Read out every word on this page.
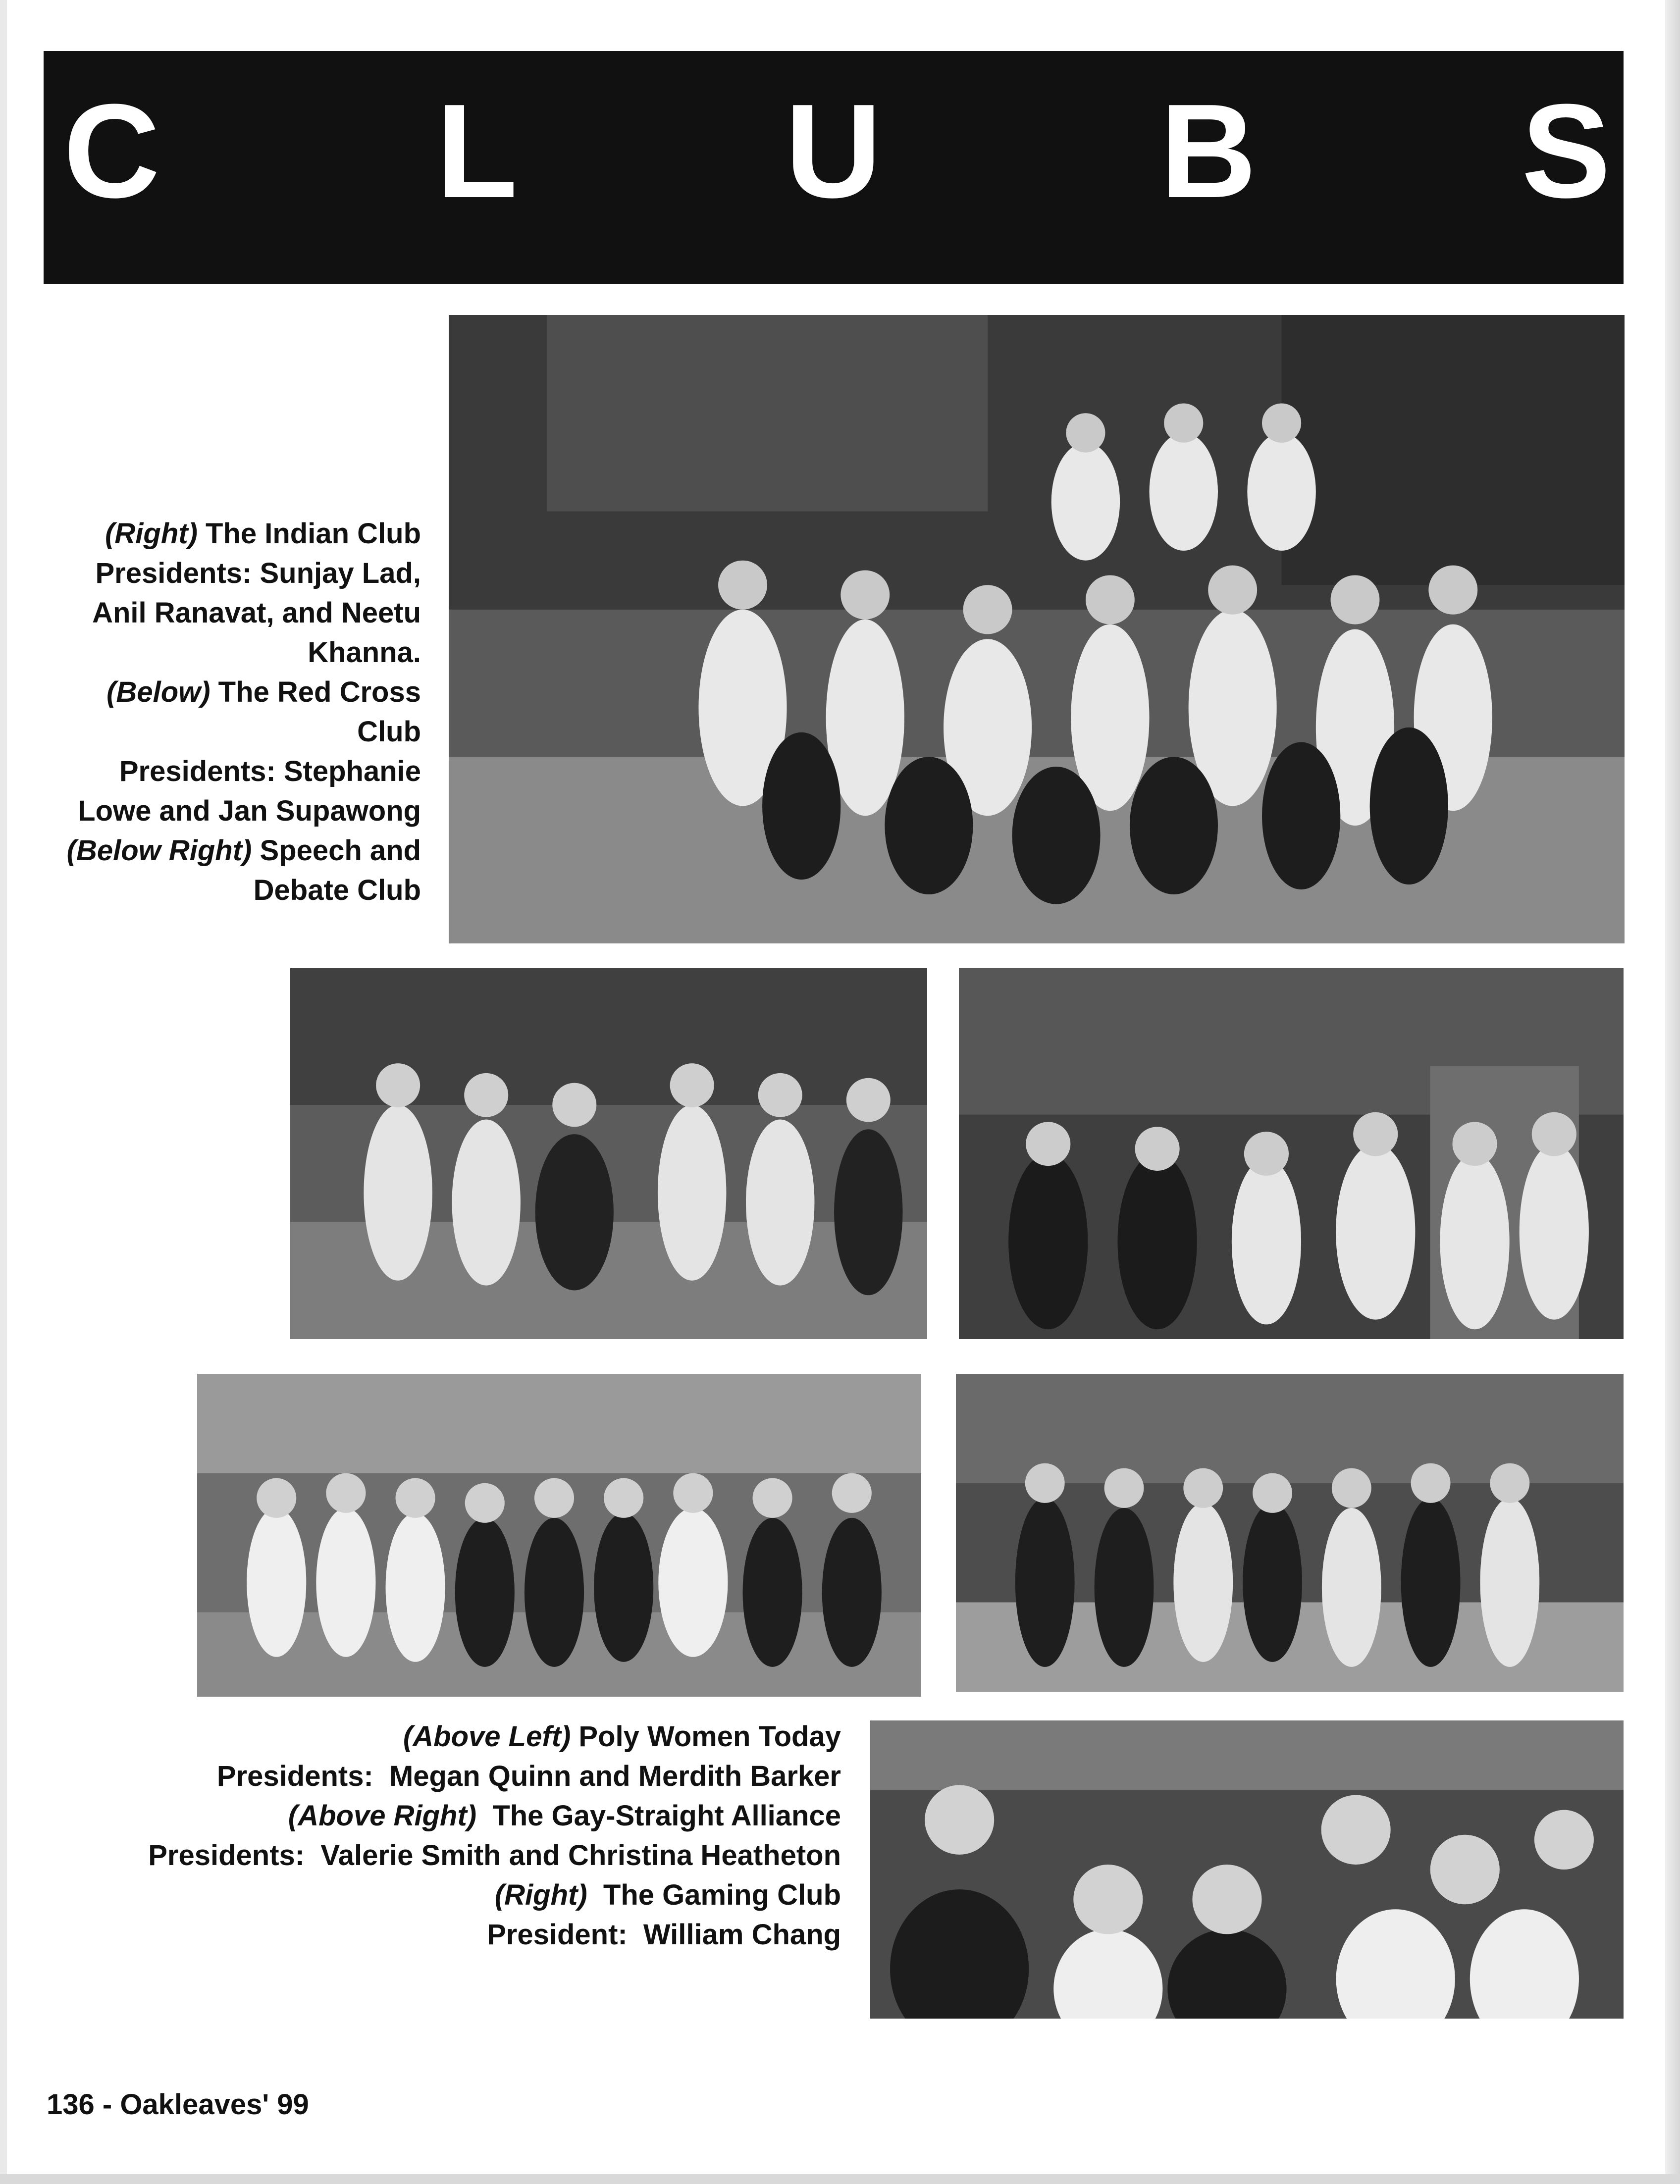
C L U B S
(Right) The Indian Club
Presidents: Sunjay Lad,
Anil Ranavat, and Neetu
Khanna.
(Below) The Red Cross
Club
Presidents: Stephanie
Lowe and Jan Supawong
(Below Right) Speech and
Debate Club
(Above Left) Poly Women Today
Presidents:  Megan Quinn and Merdith Barker
(Above Right)  The Gay-Straight Alliance
Presidents:  Valerie Smith and Christina Heatheton
(Right)  The Gaming Club
President:  William Chang
136 - Oakleaves' 99
